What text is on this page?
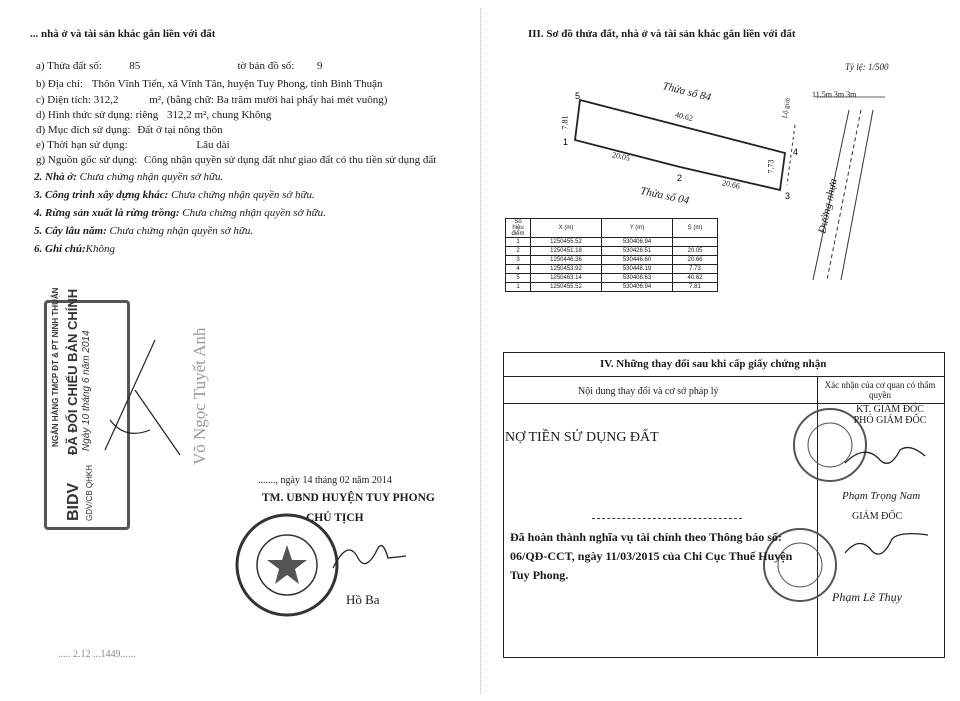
... nhà ở và tài sản khác gắn liền với đất
a) Thửa đất số: 85	tờ bản đồ số: 9
b) Địa chỉ: Thôn Vĩnh Tiến, xã Vĩnh Tân, huyện Tuy Phong, tỉnh Bình Thuận
c) Diện tích: 312,2	m², (bằng chữ: Ba trăm mười hai phẩy hai mét vuông)
d) Hình thức sử dụng: riêng 312,2 m², chung Không
đ) Mục đích sử dụng: Đất ở tại nông thôn
e) Thời hạn sử dụng:	Lâu dài
g) Nguồn gốc sử dụng: Công nhận quyền sử dụng đất như giao đất có thu tiền sử dụng đất
2. Nhà ở: Chưa chứng nhận quyền sở hữu.
3. Công trình xây dựng khác: Chưa chứng nhận quyền sở hữu.
4. Rừng sản xuất là rừng trồng: Chưa chứng nhận quyền sở hữu.
5. Cây lâu năm: Chưa chứng nhận quyền sở hữu.
6. Ghi chú:Không
NGÂN HÀNG TMCP ĐT & PT NINH THUẬN ĐÃ ĐỐI CHIẾU BẢN CHÍNH Ngày 10 tháng 6 năm 2014
BIDV GDV/CB QHKH
Võ Ngọc Tuyết Anh
......., ngày 14 tháng 02 năm 2014
TM. UBND HUYỆN TUY PHONG
CHỦ TỊCH
Hồ Ba
..... 2.12 ...1449......
III. Sơ đồ thửa đất, nhà ở và tài sản khác gắn liền với đất
Tỷ lệ: 1/500
5
1
2
3
4
Thửa số 84
40.62
7.81
20.05
20.66
7.73
Thửa số 04
Lộ giới
11.5m 3m 3m
Đường nhựa
Số hiệu điểm	X (m)	Y (m)	S (m)
1	1250455.52	530406.94	
2	1250451.18	530426.51	20.05
3	1250446.36	530446.60	20.66
4	1250453.92	530448.19	7.73
5	1250463.14	530408.63	40.62
1	1250455.52	530406.94	7.81
IV. Những thay đổi sau khi cấp giấy chứng nhận
Nội dung thay đổi và cơ sở pháp lý
Xác nhận của cơ quan có thẩm quyền
NỢ TIỀN SỬ DỤNG ĐẤT
KT. GIÁM ĐỐC
PHÓ GIÁM ĐỐC
Phạm Trọng Nam
Đã hoàn thành nghĩa vụ tài chính theo Thông báo số: 06/QĐ-CCT, ngày 11/03/2015 của Chi Cục Thuế Huyện Tuy Phong.
GIÁM ĐỐC
Phạm Lê Thụy
